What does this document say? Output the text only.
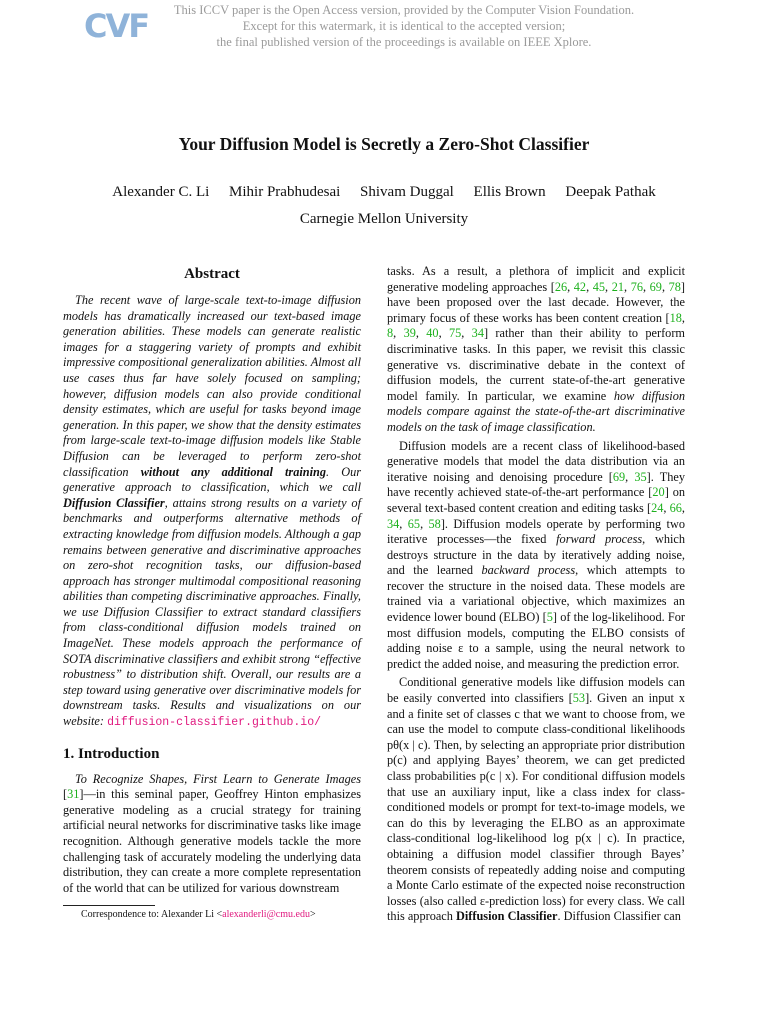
CVF	This ICCV paper is the Open Access version, provided by the Computer Vision Foundation.
Except for this watermark, it is identical to the accepted version;
the final published version of the proceedings is available on IEEE Xplore.
Your Diffusion Model is Secretly a Zero-Shot Classifier
Alexander C. Li Mihir Prabhudesai Shivam Duggal Ellis Brown Deepak Pathak
Carnegie Mellon University
Abstract

The recent wave of large-scale text-to-image diffusion models has dramatically increased our text-based image generation abilities. These models can generate realistic images for a staggering variety of prompts and exhibit impressive compositional generalization abilities. Almost all use cases thus far have solely focused on sampling; however, diffusion models can also provide conditional density estimates, which are useful for tasks beyond image generation. In this paper, we show that the density estimates from large-scale text-to-image diffusion models like Stable Diffusion can be leveraged to perform zero-shot classification without any additional training. Our generative approach to classification, which we call Diffusion Classifier, attains strong results on a variety of benchmarks and outperforms alternative methods of extracting knowledge from diffusion models. Although a gap remains between generative and discriminative approaches on zero-shot recognition tasks, our diffusion-based approach has stronger multimodal compositional reasoning abilities than competing discriminative approaches. Finally, we use Diffusion Classifier to extract standard classifiers from class-conditional diffusion models trained on ImageNet. These models approach the performance of SOTA discriminative classifiers and exhibit strong “effective robustness” to distribution shift. Overall, our results are a step toward using generative over discriminative models for downstream tasks. Results and visualizations on our website: diffusion-classifier.github.io/

1. Introduction

To Recognize Shapes, First Learn to Generate Images [31]—in this seminal paper, Geoffrey Hinton emphasizes generative modeling as a crucial strategy for training artificial neural networks for discriminative tasks like image recognition. Although generative models tackle the more challenging task of accurately modeling the underlying data distribution, they can create a more complete representation of the world that can be utilized for various downstream

tasks. As a result, a plethora of implicit and explicit generative modeling approaches [26, 42, 45, 21, 76, 69, 78] have been proposed over the last decade. However, the primary focus of these works has been content creation [18, 8, 39, 40, 75, 34] rather than their ability to perform discriminative tasks. In this paper, we revisit this classic generative vs. discriminative debate in the context of diffusion models, the current state-of-the-art generative model family. In particular, we examine how diffusion models compare against the state-of-the-art discriminative models on the task of image classification.

Diffusion models are a recent class of likelihood-based generative models that model the data distribution via an iterative noising and denoising procedure [69, 35]. They have recently achieved state-of-the-art performance [20] on several text-based content creation and editing tasks [24, 66, 34, 65, 58]. Diffusion models operate by performing two iterative processes—the fixed forward process, which destroys structure in the data by iteratively adding noise, and the learned backward process, which attempts to recover the structure in the noised data. These models are trained via a variational objective, which maximizes an evidence lower bound (ELBO) [5] of the log-likelihood. For most diffusion models, computing the ELBO consists of adding noise ε to a sample, using the neural network to predict the added noise, and measuring the prediction error.

Conditional generative models like diffusion models can be easily converted into classifiers [53]. Given an input x and a finite set of classes c that we want to choose from, we can use the model to compute class-conditional likelihoods pθ(x | c). Then, by selecting an appropriate prior distribution p(c) and applying Bayes’ theorem, we can get predicted class probabilities p(c | x). For conditional diffusion models that use an auxiliary input, like a class index for class-conditioned models or prompt for text-to-image models, we can do this by leveraging the ELBO as an approximate class-conditional log-likelihood log p(x | c). In practice, obtaining a diffusion model classifier through Bayes’ theorem consists of repeatedly adding noise and computing a Monte Carlo estimate of the expected noise reconstruction losses (also called ε-prediction loss) for every class. We call this approach Diffusion Classifier. Diffusion Classifier can

Correspondence to: Alexander Li <alexanderli@cmu.edu>
